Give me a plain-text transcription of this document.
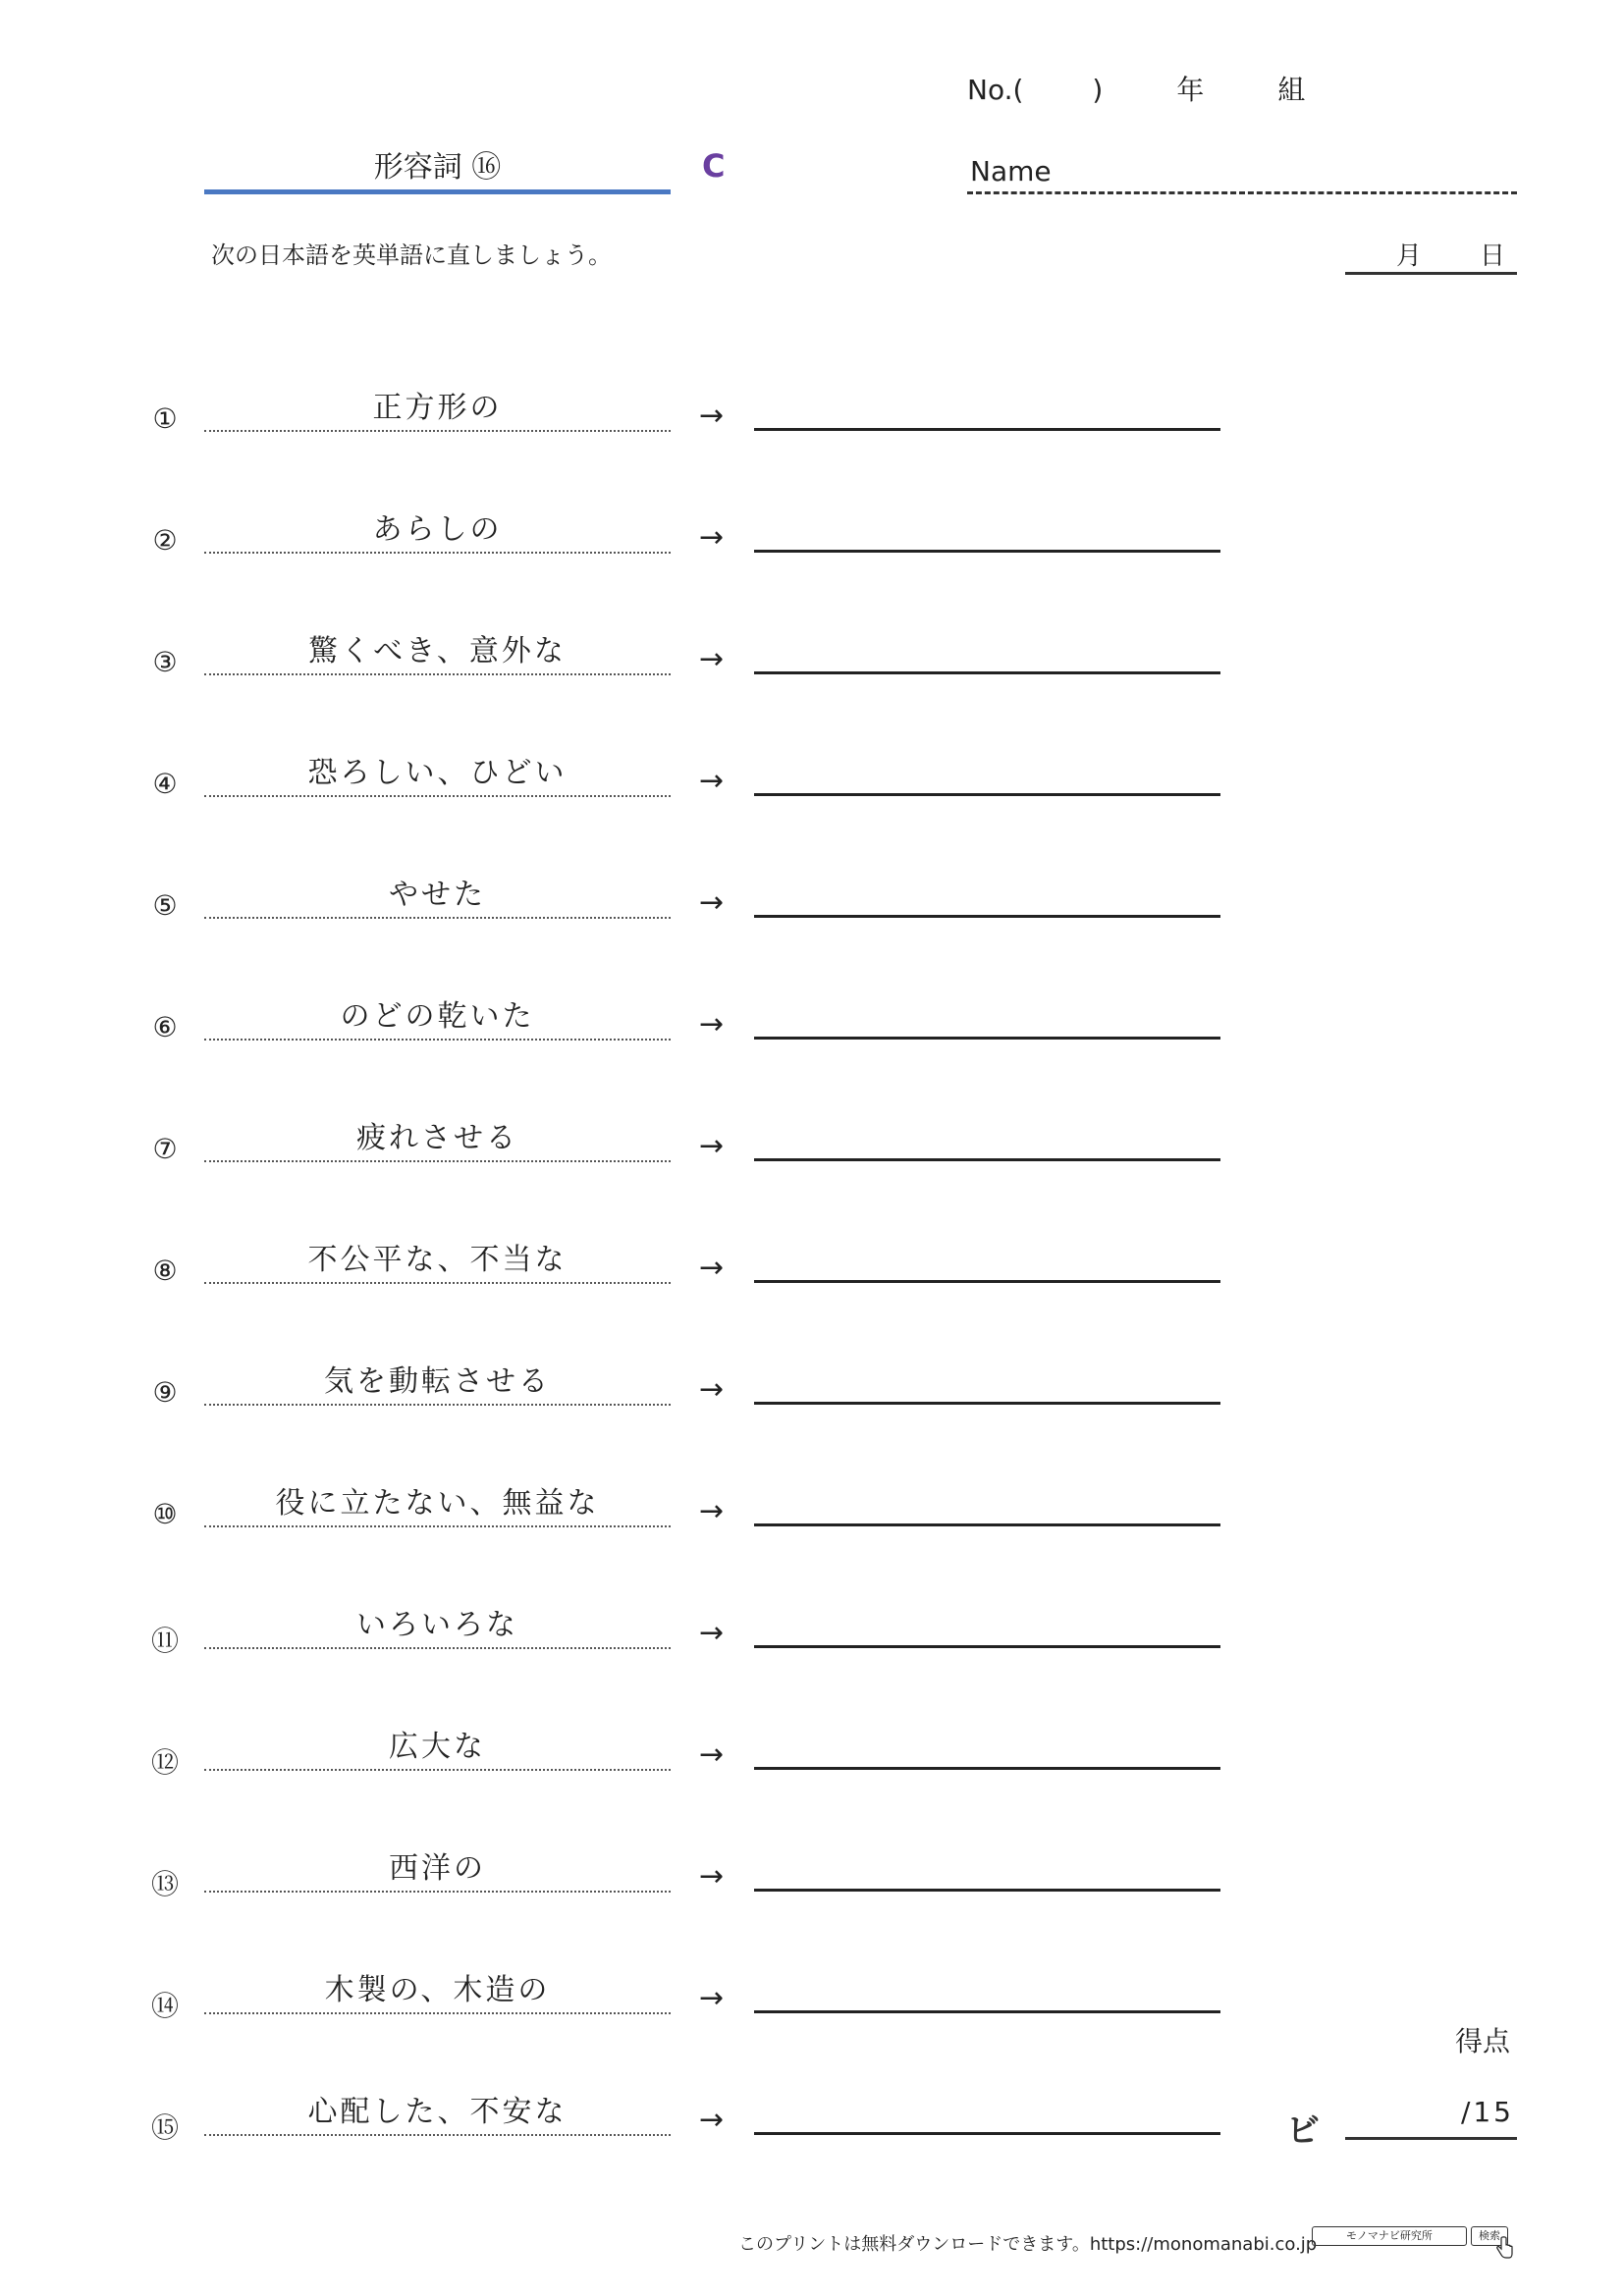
No.(	)	年	組
形容詞 ⑯	C	Name
次の日本語を英単語に直しましょう。	月 日
①	正方形の	→
②	あらしの	→
③	驚くべき、意外な	→
④	恐ろしい、ひどい	→
⑤	やせた	→
⑥	のどの乾いた	→
⑦	疲れさせる	→
⑧	不公平な、不当な	→
⑨	気を動転させる	→
⑩	役に立たない、無益な	→
⑪	いろいろな	→
⑫	広大な	→
⑬	西洋の	→
⑭	木製の、木造の	→
⑮	心配した、不安な	→
得点
ビ	/15
このプリントは無料ダウンロードできます。https://monomanabi.co.jp	モノマナビ研究所	検索
